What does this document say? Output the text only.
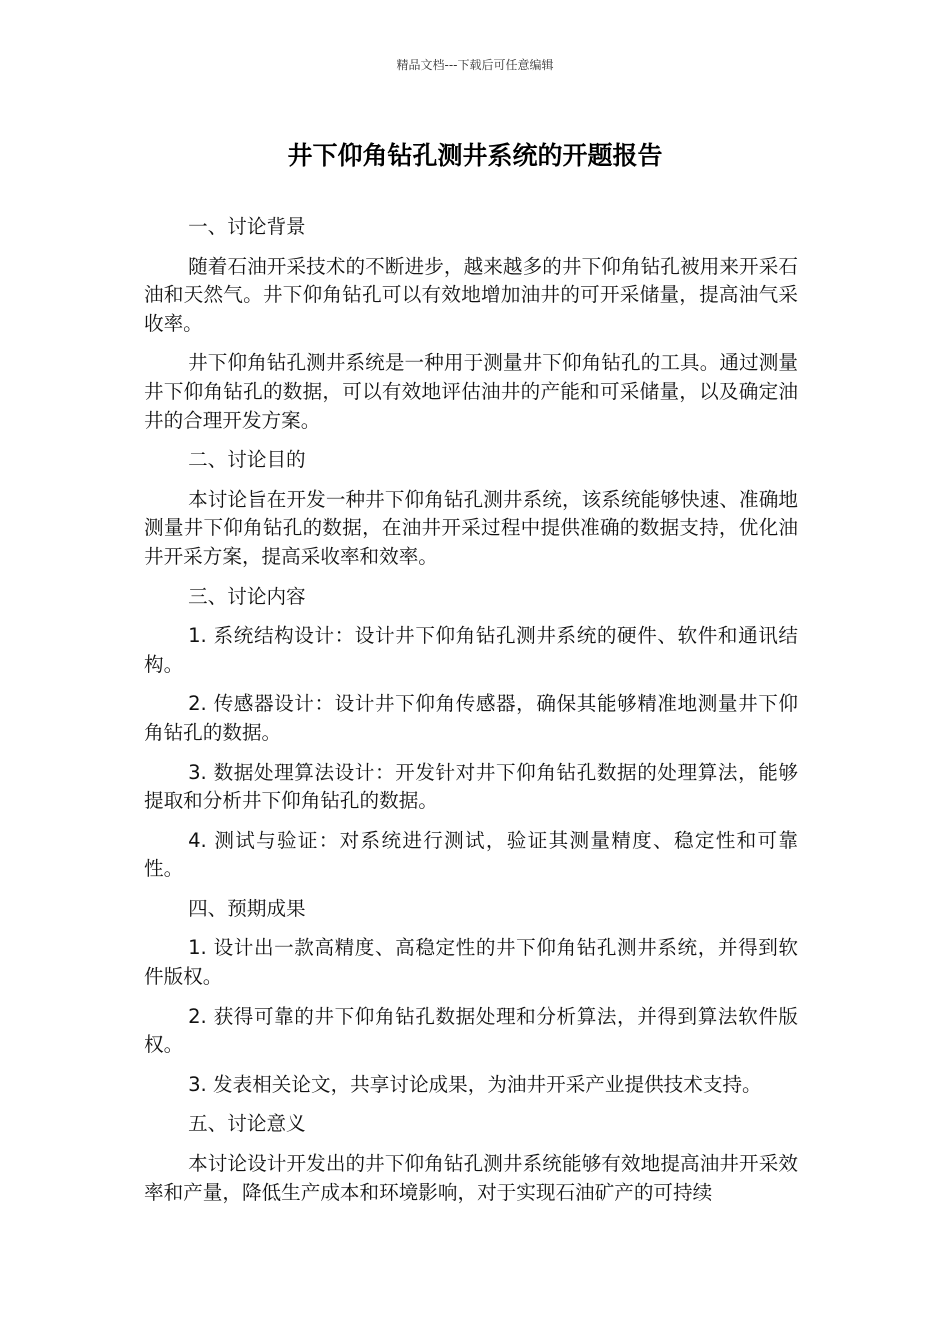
精品文档---下载后可任意编辑
井下仰角钻孔测井系统的开题报告

一、讨论背景

随着石油开采技术的不断进步，越来越多的井下仰角钻孔被用来开采石油和天然气。井下仰角钻孔可以有效地增加油井的可开采储量，提高油气采收率。

井下仰角钻孔测井系统是一种用于测量井下仰角钻孔的工具。通过测量井下仰角钻孔的数据，可以有效地评估油井的产能和可采储量，以及确定油井的合理开发方案。

二、讨论目的

本讨论旨在开发一种井下仰角钻孔测井系统，该系统能够快速、准确地测量井下仰角钻孔的数据，在油井开采过程中提供准确的数据支持，优化油井开采方案，提高采收率和效率。

三、讨论内容

1. 系统结构设计：设计井下仰角钻孔测井系统的硬件、软件和通讯结构。

2. 传感器设计：设计井下仰角传感器，确保其能够精准地测量井下仰角钻孔的数据。

3. 数据处理算法设计：开发针对井下仰角钻孔数据的处理算法，能够提取和分析井下仰角钻孔的数据。

4. 测试与验证：对系统进行测试，验证其测量精度、稳定性和可靠性。

四、预期成果

1. 设计出一款高精度、高稳定性的井下仰角钻孔测井系统，并得到软件版权。

2. 获得可靠的井下仰角钻孔数据处理和分析算法，并得到算法软件版权。

3. 发表相关论文，共享讨论成果，为油井开采产业提供技术支持。

五、讨论意义

本讨论设计开发出的井下仰角钻孔测井系统能够有效地提高油井开采效率和产量，降低生产成本和环境影响，对于实现石油矿产的可持续
